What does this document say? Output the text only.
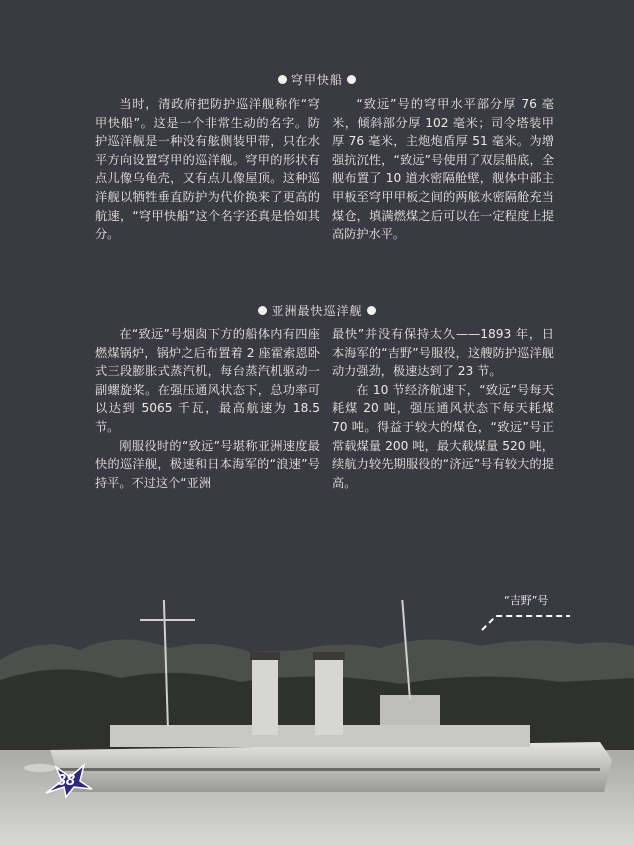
穹甲快船

当时，清政府把防护巡洋舰称作“穹甲快船”。这是一个非常生动的名字。防护巡洋舰是一种没有舷侧装甲带，只在水平方向设置穹甲的巡洋舰。穹甲的形状有点儿像乌龟壳，又有点儿像屋顶。这种巡洋舰以牺牲垂直防护为代价换来了更高的航速，“穹甲快船”这个名字还真是恰如其分。

“致远”号的穹甲水平部分厚 76 毫米，倾斜部分厚 102 毫米；司令塔装甲厚 76 毫米，主炮炮盾厚 51 毫米。为增强抗沉性，“致远”号使用了双层船底，全舰布置了 10 道水密隔舱壁，舰体中部主甲板至穹甲甲板之间的两舷水密隔舱充当煤仓，填满燃煤之后可以在一定程度上提高防护水平。

亚洲最快巡洋舰

在“致远”号烟囱下方的船体内有四座燃煤锅炉，锅炉之后布置着 2 座霍索恩卧式三段膨胀式蒸汽机，每台蒸汽机驱动一副螺旋桨。在强压通风状态下，总功率可以达到 5065 千瓦，最高航速为 18.5 节。

刚服役时的“致远”号堪称亚洲速度最快的巡洋舰，极速和日本海军的“浪速”号持平。不过这个“亚洲

最快”并没有保持太久——1893 年，日本海军的“吉野”号服役，这艘防护巡洋舰动力强劲，极速达到了 23 节。

在 10 节经济航速下，“致远”号每天耗煤 20 吨，强压通风状态下每天耗煤 70 吨。得益于较大的煤仓，“致远”号正常载煤量 200 吨，最大载煤量 520 吨，续航力较先期服役的“济远”号有较大的提高。

“吉野”号
38
